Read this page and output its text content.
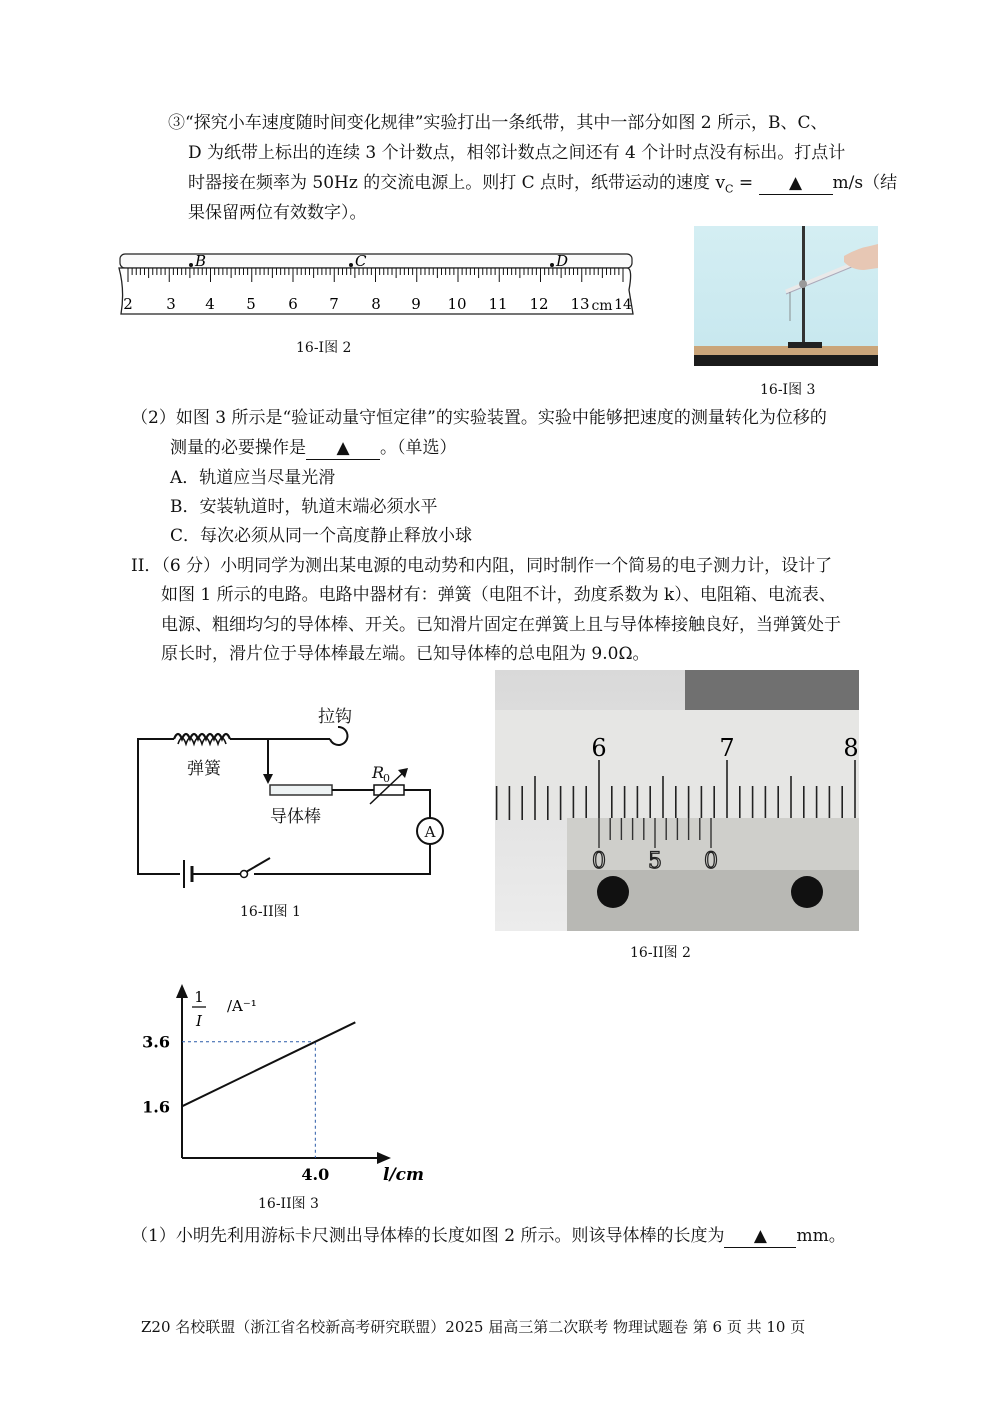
③“探究小车速度随时间变化规律”实验打出一条纸带，其中一部分如图 2 所示，B、C、
D 为纸带上标出的连续 3 个计数点，相邻计数点之间还有 4 个计时点没有标出。打点计
时器接在频率为 50Hz 的交流电源上。则打 C 点时，纸带运动的速度 $v_C$ = ▲ m/s（结
果保留两位有效数字）。
2 3 4 5 6 7 8 9 10 11 12 13 14
cm
B	C	D
16-I图 2
16-I图 3
（2）如图 3 所示是“验证动量守恒定律”的实验装置。实验中能够把速度的测量转化为位移的
测量的必要操作是 ▲ 。（单选）
A．轨道应当尽量光滑
B．安装轨道时，轨道末端必须水平
C．每次必须从同一个高度静止释放小球
II．（6 分）小明同学为测出某电源的电动势和内阻，同时制作一个简易的电子测力计，设计了
如图 1 所示的电路。电路中器材有：弹簧（电阻不计，劲度系数为 k）、电阻箱、电流表、
电源、粗细均匀的导体棒、开关。已知滑片固定在弹簧上且与导体棒接触良好，当弹簧处于
原长时，滑片位于导体棒最左端。已知导体棒的总电阻为 9.0Ω。
A
拉钩
弹簧
导体棒
R
0
16-II图 1
6	7	8
0 5 0
16-II图 2
1
I
/A⁻¹
l/cm
3.6
1.6
4.0
16-II图 3
（1）小明先利用游标卡尺测出导体棒的长度如图 2 所示。则该导体棒的长度为 ▲ mm。
Z20 名校联盟（浙江省名校新高考研究联盟）2025 届高三第二次联考 物理试题卷 第 6 页 共 10 页
